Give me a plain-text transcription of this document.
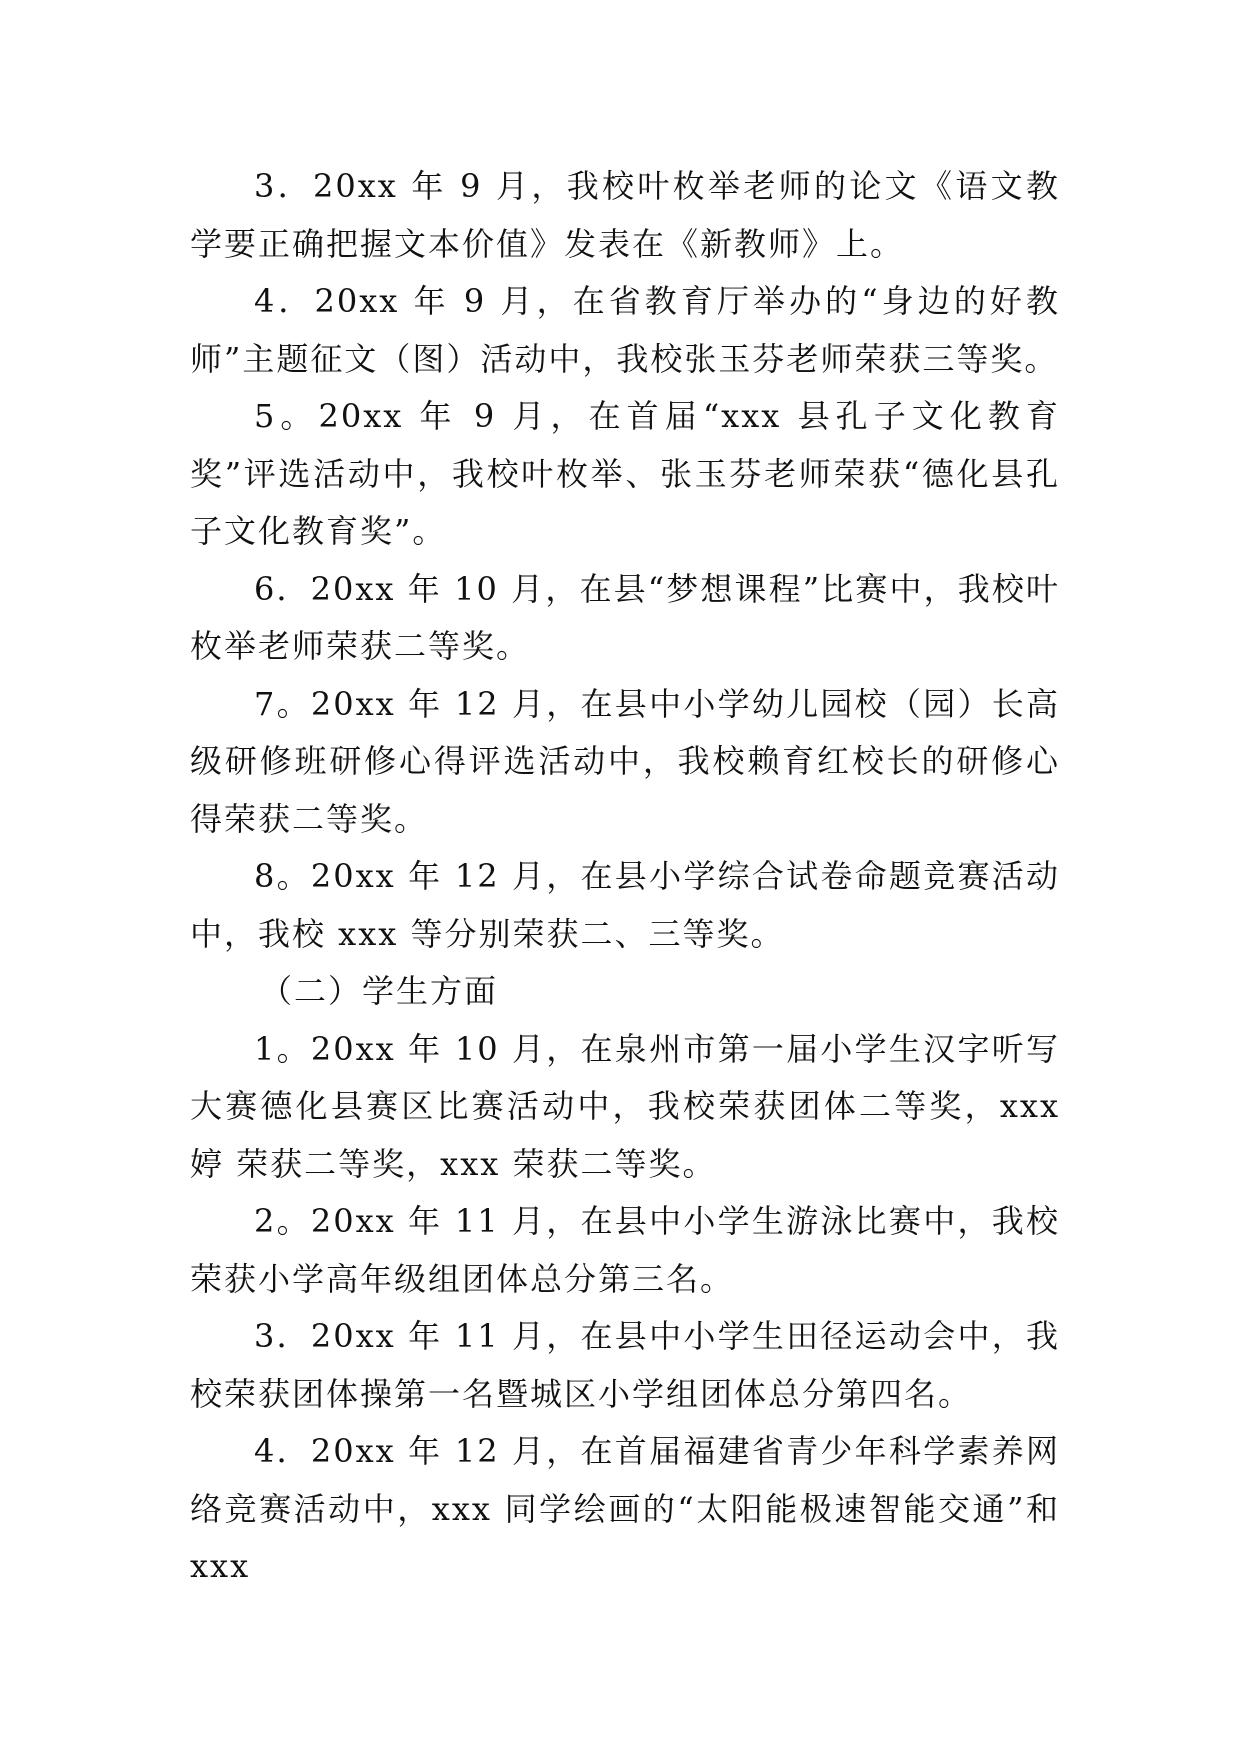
3．20xx 年 9 月，我校叶枚举老师的论文《语文教学要正确把握文本价值》发表在《新教师》上。

4．20xx 年 9 月，在省教育厅举办的“身边的好教师”主题征文（图）活动中，我校张玉芬老师荣获三等奖。

5。20xx 年 9 月，在首届“xxx 县孔子文化教育奖”评选活动中，我校叶枚举、张玉芬老师荣获“德化县孔子文化教育奖”。

6．20xx 年 10 月，在县“梦想课程”比赛中，我校叶枚举老师荣获二等奖。

7。20xx 年 12 月，在县中小学幼儿园校（园）长高级研修班研修心得评选活动中，我校赖育红校长的研修心得荣获二等奖。

8。20xx 年 12 月，在县小学综合试卷命题竞赛活动中，我校 xxx 等分别荣获二、三等奖。

（二）学生方面

1。20xx 年 10 月，在泉州市第一届小学生汉字听写大赛德化县赛区比赛活动中，我校荣获团体二等奖，xxx 婷 荣获二等奖，xxx 荣获二等奖。

2。20xx 年 11 月，在县中小学生游泳比赛中，我校荣获小学高年级组团体总分第三名。

3．20xx 年 11 月，在县中小学生田径运动会中，我校荣获团体操第一名暨城区小学组团体总分第四名。

4．20xx 年 12 月，在首届福建省青少年科学素养网络竞赛活动中，xxx 同学绘画的“太阳能极速智能交通”和 xxx
